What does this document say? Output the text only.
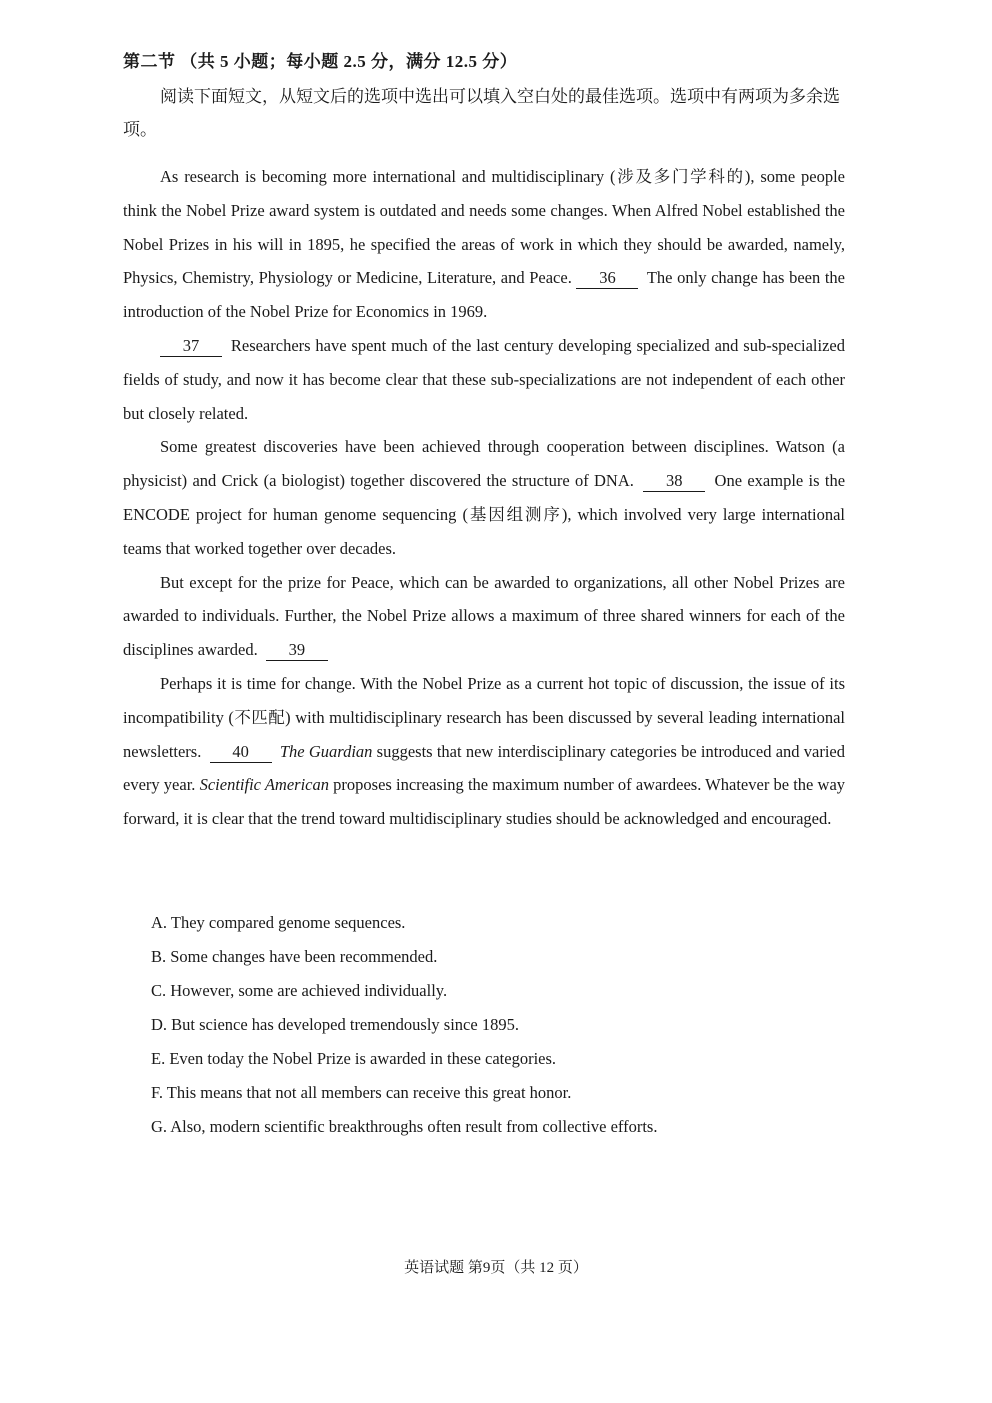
第二节 （共 5 小题；每小题 2.5 分，满分 12.5 分）
阅读下面短文，从短文后的选项中选出可以填入空白处的最佳选项。选项中有两项为多余选项。

As research is becoming more international and multidisciplinary (涉及多门学科的), some people think the Nobel Prize award system is outdated and needs some changes. When Alfred Nobel established the Nobel Prizes in his will in 1895, he specified the areas of work in which they should be awarded, namely, Physics, Chemistry, Physiology or Medicine, Literature, and Peace. 36 The only change has been the introduction of the Nobel Prize for Economics in 1969.

37 Researchers have spent much of the last century developing specialized and sub-specialized fields of study, and now it has become clear that these sub-specializations are not independent of each other but closely related.

Some greatest discoveries have been achieved through cooperation between disciplines. Watson (a physicist) and Crick (a biologist) together discovered the structure of DNA. 38 One example is the ENCODE project for human genome sequencing (基因组测序), which involved very large international teams that worked together over decades.

But except for the prize for Peace, which can be awarded to organizations, all other Nobel Prizes are awarded to individuals. Further, the Nobel Prize allows a maximum of three shared winners for each of the disciplines awarded. 39

Perhaps it is time for change. With the Nobel Prize as a current hot topic of discussion, the issue of its incompatibility (不匹配) with multidisciplinary research has been discussed by several leading international newsletters. 40 The Guardian suggests that new interdisciplinary categories be introduced and varied every year. Scientific American proposes increasing the maximum number of awardees. Whatever be the way forward, it is clear that the trend toward multidisciplinary studies should be acknowledged and encouraged.

A. They compared genome sequences.
B. Some changes have been recommended.
C. However, some are achieved individually.
D. But science has developed tremendously since 1895.
E. Even today the Nobel Prize is awarded in these categories.
F. This means that not all members can receive this great honor.
G. Also, modern scientific breakthroughs often result from collective efforts.
英语试题 第9页（共 12 页）
